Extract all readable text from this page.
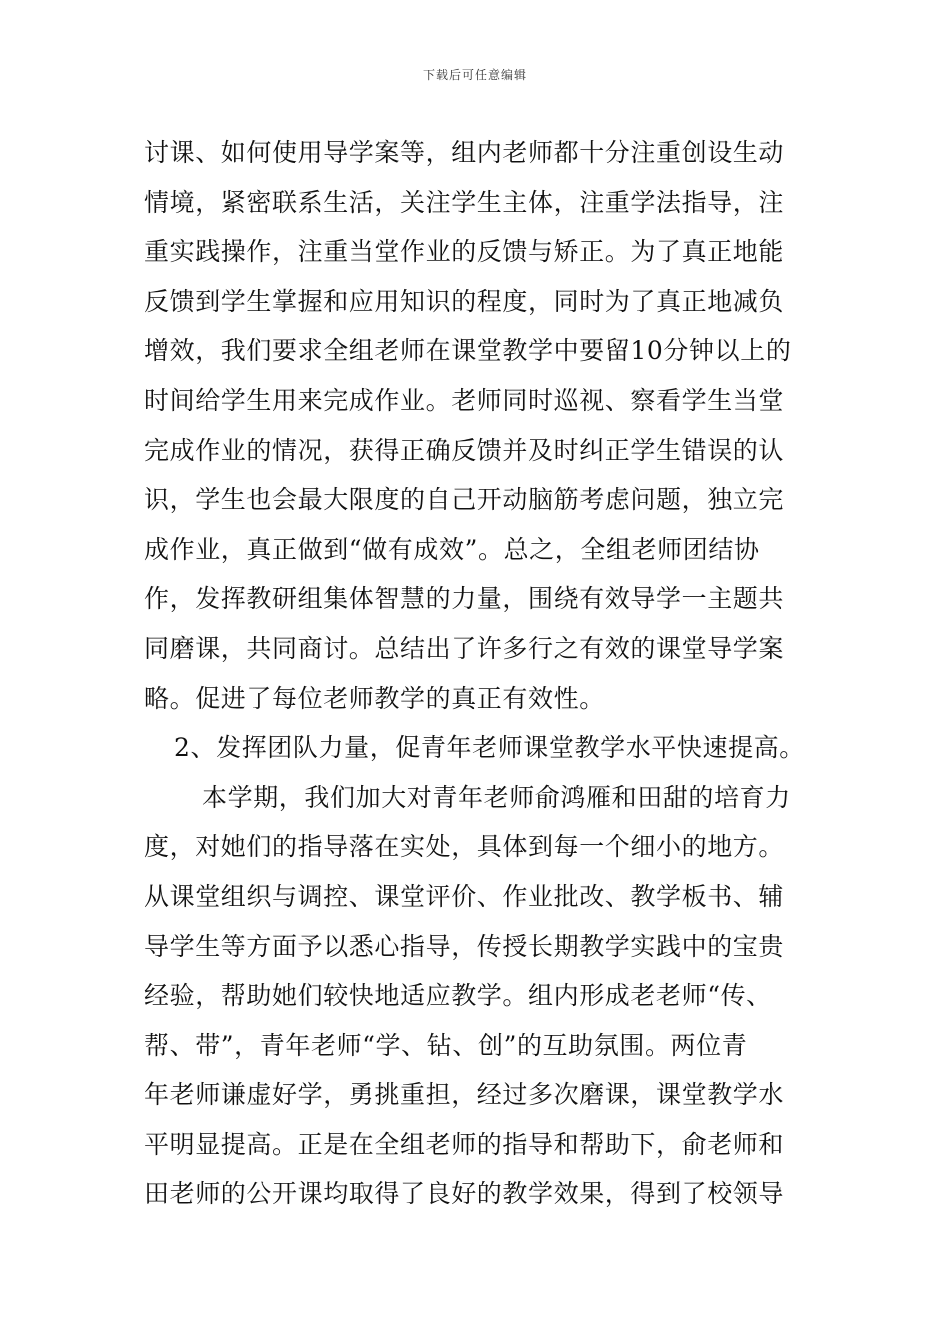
下载后可任意编辑
讨课、如何使用导学案等，组内老师都十分注重创设生动
情境，紧密联系生活，关注学生主体，注重学法指导，注
重实践操作，注重当堂作业的反馈与矫正。为了真正地能
反馈到学生掌握和应用知识的程度，同时为了真正地减负
增效，我们要求全组老师在课堂教学中要留10分钟以上的
时间给学生用来完成作业。老师同时巡视、察看学生当堂
完成作业的情况，获得正确反馈并及时纠正学生错误的认
识，学生也会最大限度的自己开动脑筋考虑问题，独立完
成作业，真正做到“做有成效”。总之，全组老师团结协
作，发挥教研组集体智慧的力量，围绕有效导学一主题共
同磨课，共同商讨。总结出了许多行之有效的课堂导学案
略。促进了每位老师教学的真正有效性。
2、发挥团队力量，促青年老师课堂教学水平快速提高。
本学期，我们加大对青年老师俞鸿雁和田甜的培育力
度，对她们的指导落在实处，具体到每一个细小的地方。
从课堂组织与调控、课堂评价、作业批改、教学板书、辅
导学生等方面予以悉心指导，传授长期教学实践中的宝贵
经验，帮助她们较快地适应教学。组内形成老老师“传、
帮、带”，青年老师“学、钻、创”的互助氛围。两位青
年老师谦虚好学，勇挑重担，经过多次磨课，课堂教学水
平明显提高。正是在全组老师的指导和帮助下，俞老师和
田老师的公开课均取得了良好的教学效果，得到了校领导
